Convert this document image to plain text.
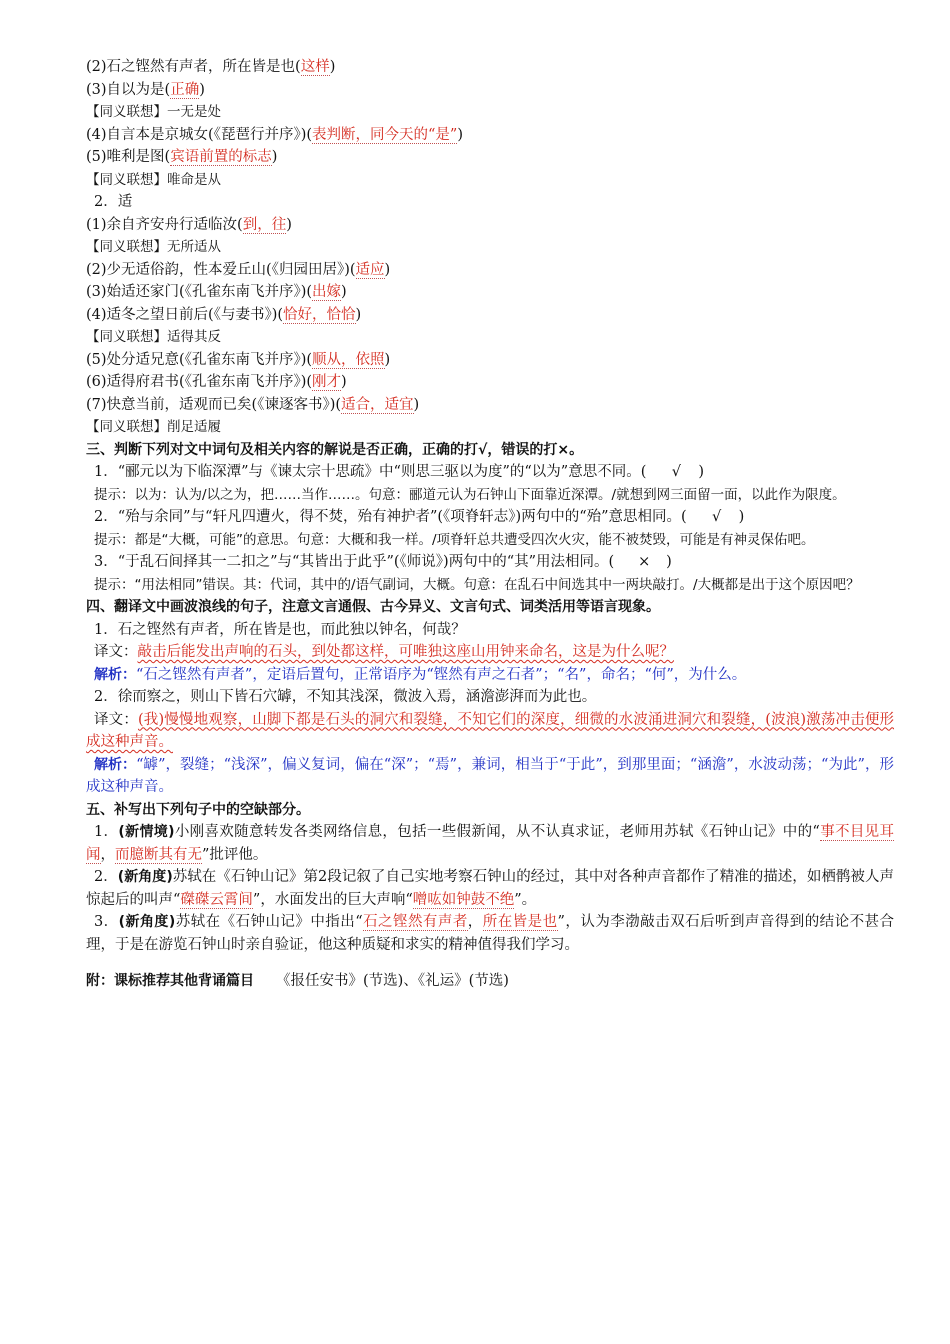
(2)石之铿然有声者，所在皆是也(这样)
(3)自以为是(正确)
【同义联想】一无是处
(4)自言本是京城女(《琵琶行并序》)(表判断，同今天的“是”)
(5)唯利是图(宾语前置的标志)
【同义联想】唯命是从
2．适
(1)余自齐安舟行适临汝(到，往)
【同义联想】无所适从
(2)少无适俗韵，性本爱丘山(《归园田居》)(适应)
(3)始适还家门(《孔雀东南飞并序》)(出嫁)
(4)适冬之望日前后(《与妻书》)(恰好，恰恰)
【同义联想】适得其反
(5)处分适兄意(《孔雀东南飞并序》)(顺从，依照)
(6)适得府君书(《孔雀东南飞并序》)(刚才)
(7)快意当前，适观而已矣(《谏逐客书》)(适合，适宜)
【同义联想】削足适履
三、判断下列对文中词句及相关内容的解说是否正确，正确的打√，错误的打×。
1．“郦元以为下临深潭”与《谏太宗十思疏》中“则思三驱以为度”的“以为”意思不同。( √ )
提示：以为：认为/以之为，把……当作……。句意：郦道元认为石钟山下面靠近深潭。/就想到网三面留一面，以此作为限度。
2．“殆与余同”与“轩凡四遭火，得不焚，殆有神护者”(《项脊轩志》)两句中的“殆”意思相同。( √ )
提示：都是“大概，可能”的意思。句意：大概和我一样。/项脊轩总共遭受四次火灾，能不被焚毁，可能是有神灵保佑吧。
3．“于乱石间择其一二扣之”与“其皆出于此乎”(《师说》)两句中的“其”用法相同。( × )
提示：“用法相同”错误。其：代词，其中的/语气副词，大概。句意：在乱石中间选其中一两块敲打。/大概都是出于这个原因吧？
四、翻译文中画波浪线的句子，注意文言通假、古今异义、文言句式、词类活用等语言现象。
1．石之铿然有声者，所在皆是也，而此独以钟名，何哉？
译文：敲击后能发出声响的石头，到处都这样，可唯独这座山用钟来命名，这是为什么呢？
解析：“石之铿然有声者”，定语后置句，正常语序为“铿然有声之石者”；“名”，命名；“何”，为什么。
2．徐而察之，则山下皆石穴罅，不知其浅深，微波入焉，涵澹澎湃而为此也。
译文：(我)慢慢地观察，山脚下都是石头的洞穴和裂缝，不知它们的深度，细微的水波涌进洞穴和裂缝，(波浪)激荡冲击便形成这种声音。
解析：“罅”，裂缝；“浅深”，偏义复词，偏在“深”；“焉”，兼词，相当于“于此”，到那里面；“涵澹”，水波动荡；“为此”，形成这种声音。
五、补写出下列句子中的空缺部分。
1．(新情境)小刚喜欢随意转发各类网络信息，包括一些假新闻，从不认真求证，老师用苏轼《石钟山记》中的“事不目见耳闻，而臆断其有无”批评他。
2．(新角度)苏轼在《石钟山记》第2段记叙了自己实地考察石钟山的经过，其中对各种声音都作了精准的描述，如栖鹘被人声惊起后的叫声“磔磔云霄间”，水面发出的巨大声响“噌吰如钟鼓不绝”。
3．(新角度)苏轼在《石钟山记》中指出“石之铿然有声者，所在皆是也”，认为李渤敲击双石后听到声音得到的结论不甚合理，于是在游览石钟山时亲自验证，他这种质疑和求实的精神值得我们学习。
附：课标推荐其他背诵篇目 《报任安书》(节选)、《礼运》(节选)
